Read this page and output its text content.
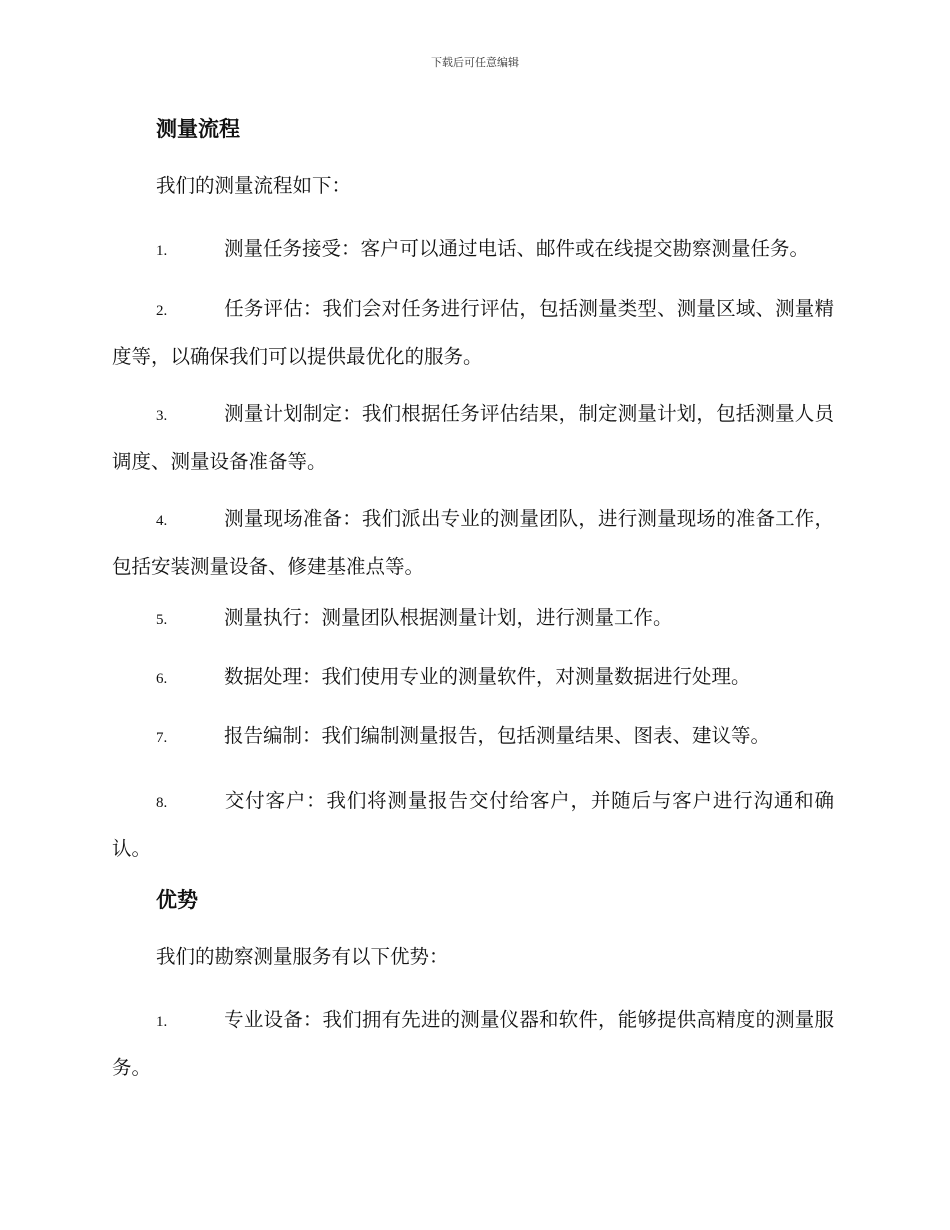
下载后可任意编辑
测量流程
我们的测量流程如下：
1.	测量任务接受：客户可以通过电话、邮件或在线提交勘察测量任务。
2.	任务评估：我们会对任务进行评估，包括测量类型、测量区域、测量精度等，以确保我们可以提供最优化的服务。
3.	测量计划制定：我们根据任务评估结果，制定测量计划，包括测量人员调度、测量设备准备等。
4.	测量现场准备：我们派出专业的测量团队，进行测量现场的准备工作，包括安装测量设备、修建基准点等。
5.	测量执行：测量团队根据测量计划，进行测量工作。
6.	数据处理：我们使用专业的测量软件，对测量数据进行处理。
7.	报告编制：我们编制测量报告，包括测量结果、图表、建议等。
8.	交付客户：我们将测量报告交付给客户，并随后与客户进行沟通和确认。
优势
我们的勘察测量服务有以下优势：
1.	专业设备：我们拥有先进的测量仪器和软件，能够提供高精度的测量服务。
